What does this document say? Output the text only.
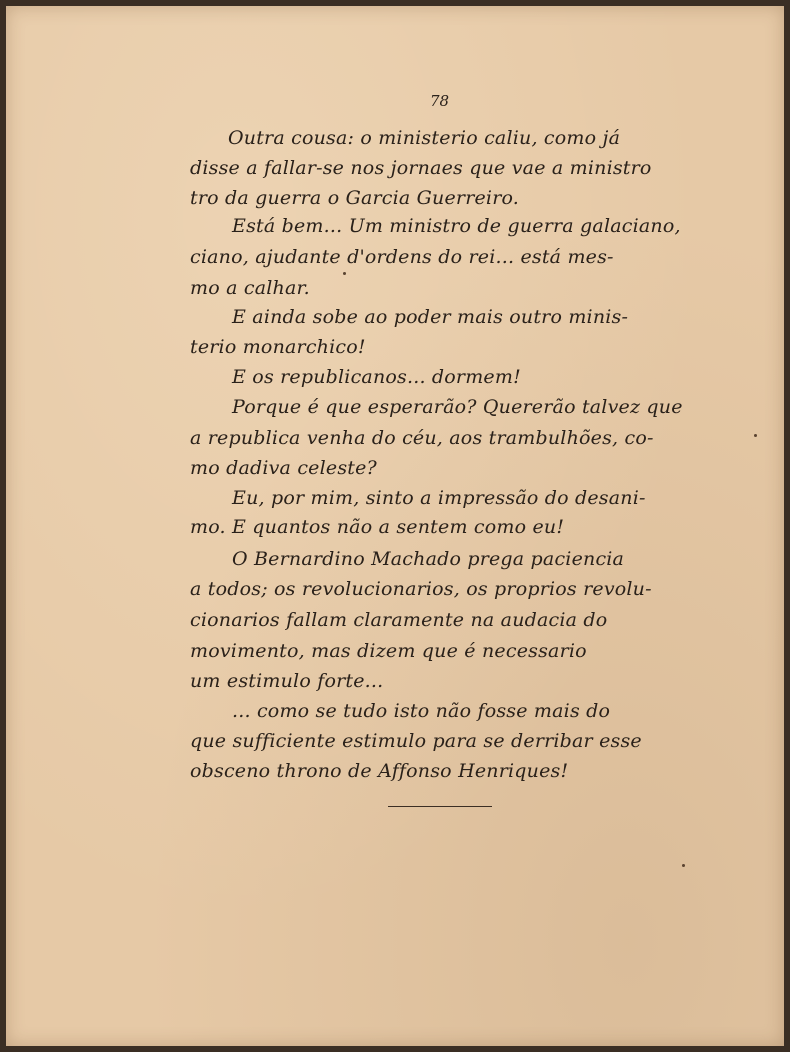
78
Outra cousa: o ministerio caliu, como já
disse a fallar-se nos jornaes que vae a ministro
tro da guerra o Garcia Guerreiro.
Está bem... Um ministro de guerra galaciano,
ciano, ajudante d'ordens do rei... está mes-
mo a calhar.
E ainda sobe ao poder mais outro minis-
terio monarchico!
E os republicanos... dormem!
Porque é que esperarão? Quererão talvez que
a republica venha do céu, aos trambulhões, co-
mo dadiva celeste?
Eu, por mim, sinto a impressão do desani-
mo. E quantos não a sentem como eu!
O Bernardino Machado prega paciencia
a todos; os revolucionarios, os proprios revolu-
cionarios fallam claramente na audacia do
movimento, mas dizem que é necessario
um estimulo forte...
... como se tudo isto não fosse mais do
que sufficiente estimulo para se derribar esse
obsceno throno de Affonso Henriques!
